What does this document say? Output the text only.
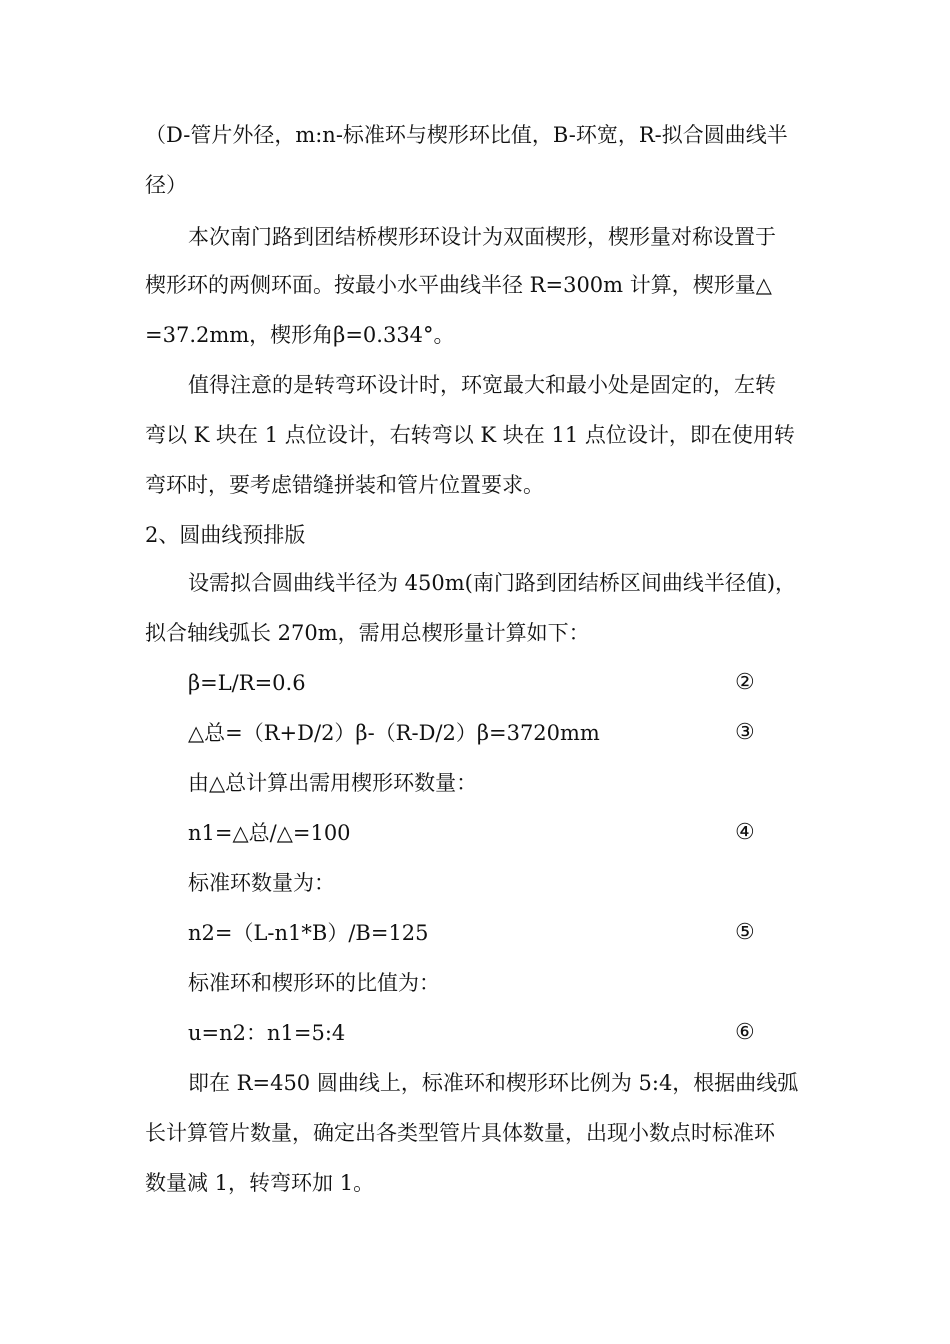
（D-管片外径，m:n-标准环与楔形环比值，B-环宽，R-拟合圆曲线半
径）
本次南门路到团结桥楔形环设计为双面楔形，楔形量对称设置于
楔形环的两侧环面。按最小水平曲线半径 R=300m 计算，楔形量△
=37.2mm，楔形角β=0.334°。
值得注意的是转弯环设计时，环宽最大和最小处是固定的，左转
弯以 K 块在 1 点位设计，右转弯以 K 块在 11 点位设计，即在使用转
弯环时，要考虑错缝拼装和管片位置要求。
2、圆曲线预排版
设需拟合圆曲线半径为 450m(南门路到团结桥区间曲线半径值)，
拟合轴线弧长 270m，需用总楔形量计算如下：
β=L/R=0.6	②
△总=（R+D/2）β-（R-D/2）β=3720mm	③
由△总计算出需用楔形环数量：
n1=△总/△=100	④
标准环数量为：
n2=（L-n1*B）/B=125	⑤
标准环和楔形环的比值为：
u=n2：n1=5:4	⑥
即在 R=450 圆曲线上，标准环和楔形环比例为 5:4，根据曲线弧
长计算管片数量，确定出各类型管片具体数量，出现小数点时标准环
数量减 1，转弯环加 1。
